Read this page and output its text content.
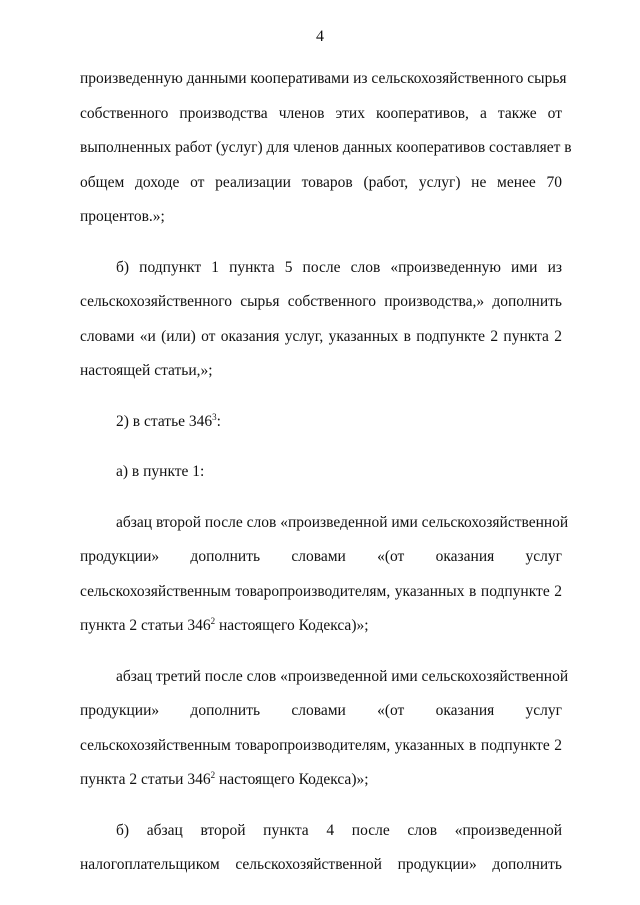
4
произведенную данными кооперативами из сельскохозяйственного сырья
собственного производства членов этих кооперативов, а также от
выполненных работ (услуг) для членов данных кооперативов составляет в
общем доходе от реализации товаров (работ, услуг) не менее 70
процентов.»;
б) подпункт 1 пункта 5 после слов «произведенную ими из
сельскохозяйственного сырья собственного производства,» дополнить
словами «и (или) от оказания услуг, указанных в подпункте 2 пункта 2
настоящей статьи,»;
2) в статье $346^3$:
а) в пункте 1:
абзац второй после слов «произведенной ими сельскохозяйственной
продукции» дополнить словами «(от оказания услуг
сельскохозяйственным товаропроизводителям, указанных в подпункте 2
пункта 2 статьи $346^2$ настоящего Кодекса)»;
абзац третий после слов «произведенной ими сельскохозяйственной
продукции» дополнить словами «(от оказания услуг
сельскохозяйственным товаропроизводителям, указанных в подпункте 2
пункта 2 статьи $346^2$ настоящего Кодекса)»;
б) абзац второй пункта 4 после слов «произведенной
налогоплательщиком сельскохозяйственной продукции» дополнить
